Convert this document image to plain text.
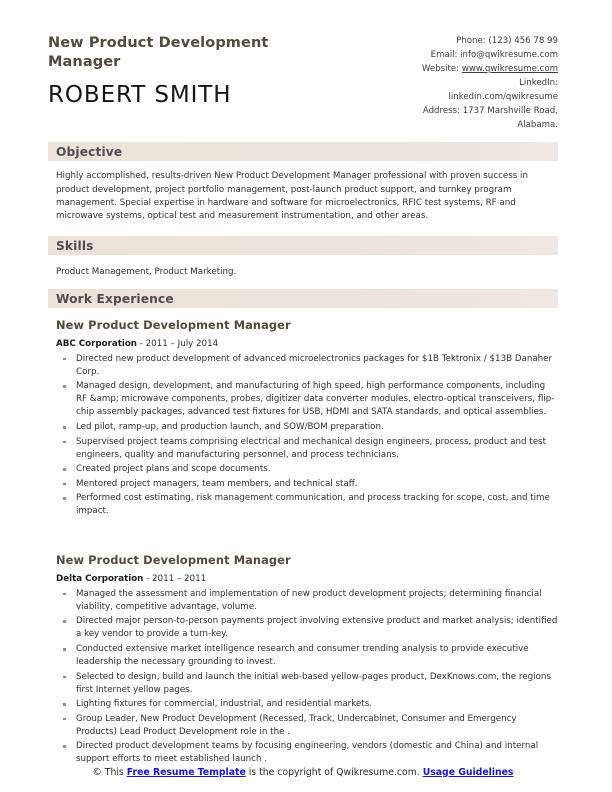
New Product Development Manager
ROBERT SMITH
Phone: (123) 456 78 99
Email: info@qwikresume.com
Website: www.qwikresume.com
LinkedIn:
linkedin.com/qwikresume
Address: 1737 Marshville Road,
Alabama.
Objective
Highly accomplished, results-driven New Product Development Manager professional with proven success in product development, project portfolio management, post-launch product support, and turnkey program management. Special expertise in hardware and software for microelectronics, RFIC test systems, RF and microwave systems, optical test and measurement instrumentation, and other areas.
Skills
Product Management, Product Marketing.
Work Experience
New Product Development Manager
ABC Corporation - 2011 – July 2014
Directed new product development of advanced microelectronics packages for $1B Tektronix / $13B Danaher Corp.
Managed design, development, and manufacturing of high speed, high performance components, including RF &amp; microwave components, probes, digitizer data converter modules, electro-optical transceivers, flip-chip assembly packages, advanced test fixtures for USB, HDMI and SATA standards, and optical assemblies.
Led pilot, ramp-up, and production launch, and SOW/BOM preparation.
Supervised project teams comprising electrical and mechanical design engineers, process, product and test engineers, quality and manufacturing personnel, and process technicians.
Created project plans and scope documents.
Mentored project managers, team members, and technical staff.
Performed cost estimating, risk management communication, and process tracking for scope, cost, and time impact.
New Product Development Manager
Delta Corporation - 2011 – 2011
Managed the assessment and implementation of new product development projects; determining financial viability, competitive advantage, volume.
Directed major person-to-person payments project involving extensive product and market analysis; identified a key vendor to provide a turn-key.
Conducted extensive market intelligence research and consumer trending analysis to provide executive leadership the necessary grounding to invest.
Selected to design, build and launch the initial web-based yellow-pages product, DexKnows.com, the regions first Internet yellow pages.
Lighting fixtures for commercial, industrial, and residential markets.
Group Leader, New Product Development (Recessed, Track, Undercabinet, Consumer and Emergency Products) Lead Product Development role in the .
Directed product development teams by focusing engineering, vendors (domestic and China) and internal support efforts to meet established launch .
© This Free Resume Template is the copyright of Qwikresume.com. Usage Guidelines
